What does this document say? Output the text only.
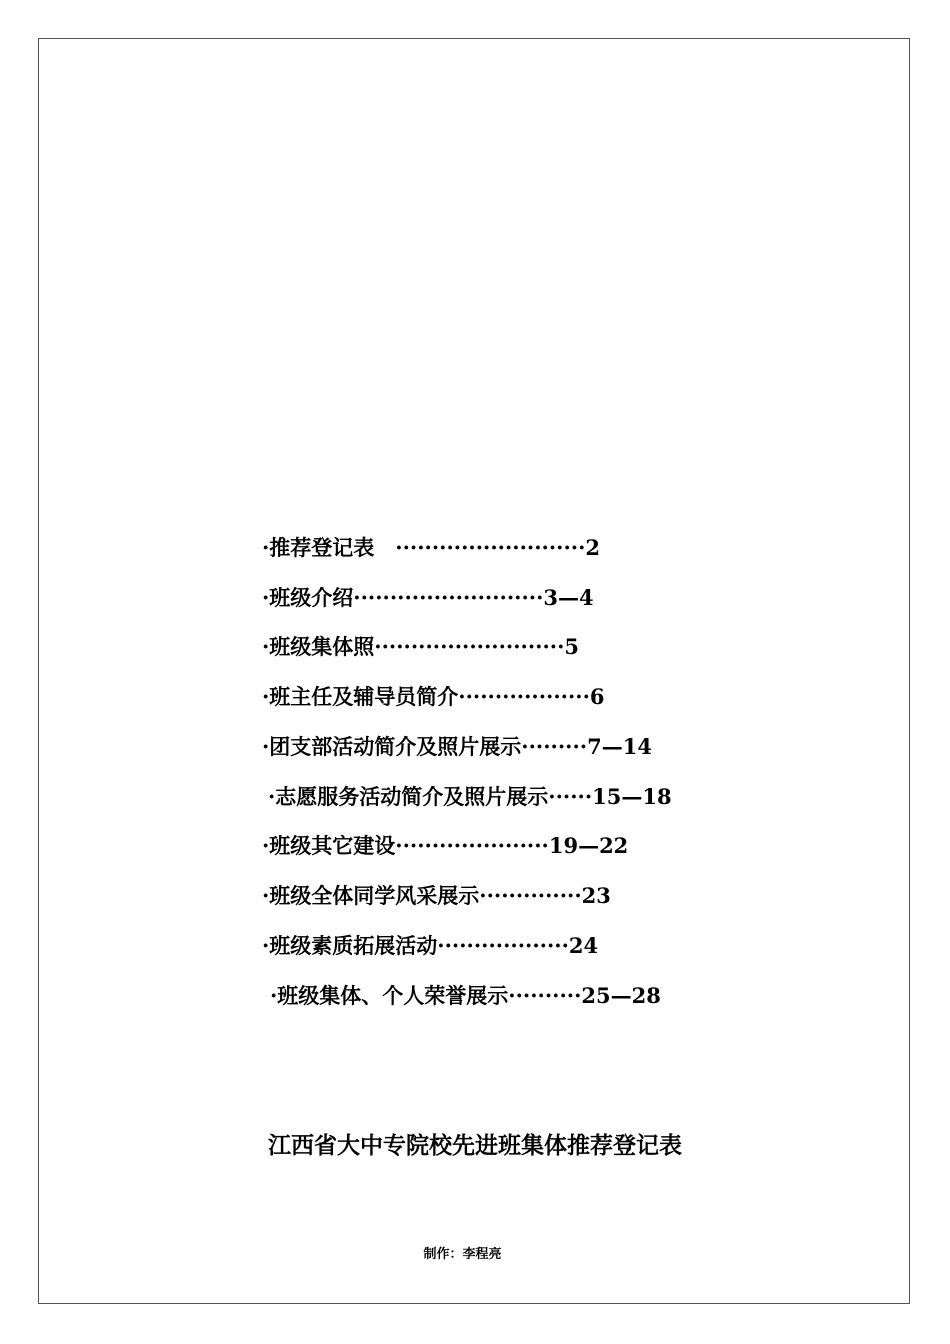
·推荐登记表　··························2
·班级介绍··························3—4
·班级集体照··························5
·班主任及辅导员简介··················6
·团支部活动简介及照片展示·········7—14
·志愿服务活动简介及照片展示······15—18
·班级其它建设·····················19—22
·班级全体同学风采展示··············23
·班级素质拓展活动··················24
·班级集体、个人荣誉展示··········25—28
江西省大中专院校先进班集体推荐登记表
制作：李程亮
